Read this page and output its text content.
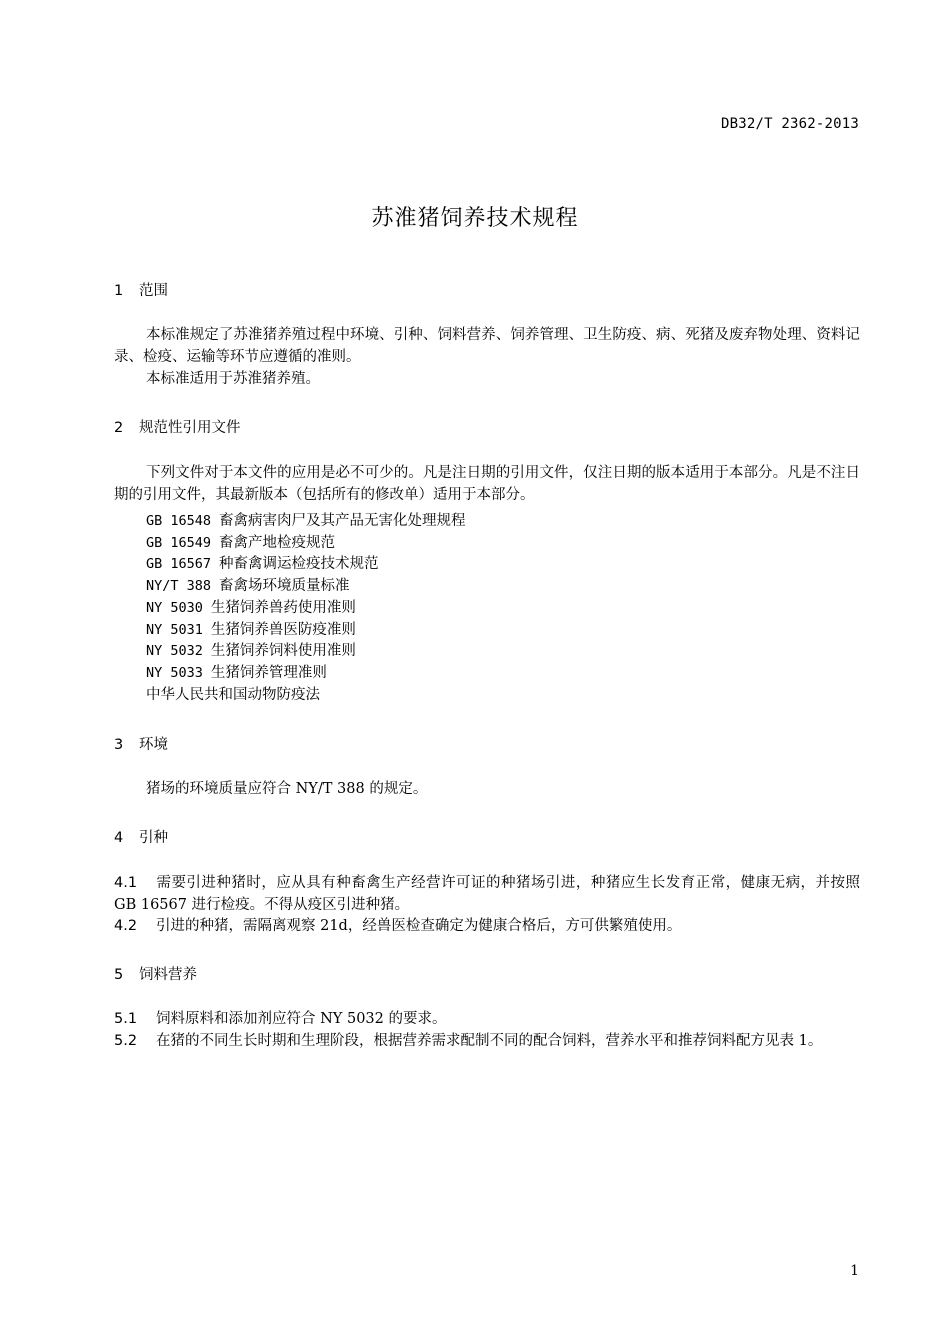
DB32/T 2362-2013
苏淮猪饲养技术规程
1 范围
本标准规定了苏淮猪养殖过程中环境、引种、饲料营养、饲养管理、卫生防疫、病、死猪及废弃物处理、资料记录、检疫、运输等环节应遵循的准则。
本标准适用于苏淮猪养殖。
2 规范性引用文件
下列文件对于本文件的应用是必不可少的。凡是注日期的引用文件，仅注日期的版本适用于本部分。凡是不注日期的引用文件，其最新版本（包括所有的修改单）适用于本部分。
GB 16548 畜禽病害肉尸及其产品无害化处理规程
GB 16549 畜禽产地检疫规范
GB 16567 种畜禽调运检疫技术规范
NY/T 388 畜禽场环境质量标准
NY 5030 生猪饲养兽药使用准则
NY 5031 生猪饲养兽医防疫准则
NY 5032 生猪饲养饲料使用准则
NY 5033 生猪饲养管理准则
中华人民共和国动物防疫法
3 环境
猪场的环境质量应符合 NY/T 388 的规定。
4 引种
4.1 需要引进种猪时，应从具有种畜禽生产经营许可证的种猪场引进，种猪应生长发育正常，健康无病，并按照 GB 16567 进行检疫。不得从疫区引进种猪。
4.2 引进的种猪，需隔离观察 21d，经兽医检查确定为健康合格后，方可供繁殖使用。
5 饲料营养
5.1 饲料原料和添加剂应符合 NY 5032 的要求。
5.2 在猪的不同生长时期和生理阶段，根据营养需求配制不同的配合饲料，营养水平和推荐饲料配方见表 1。
1
